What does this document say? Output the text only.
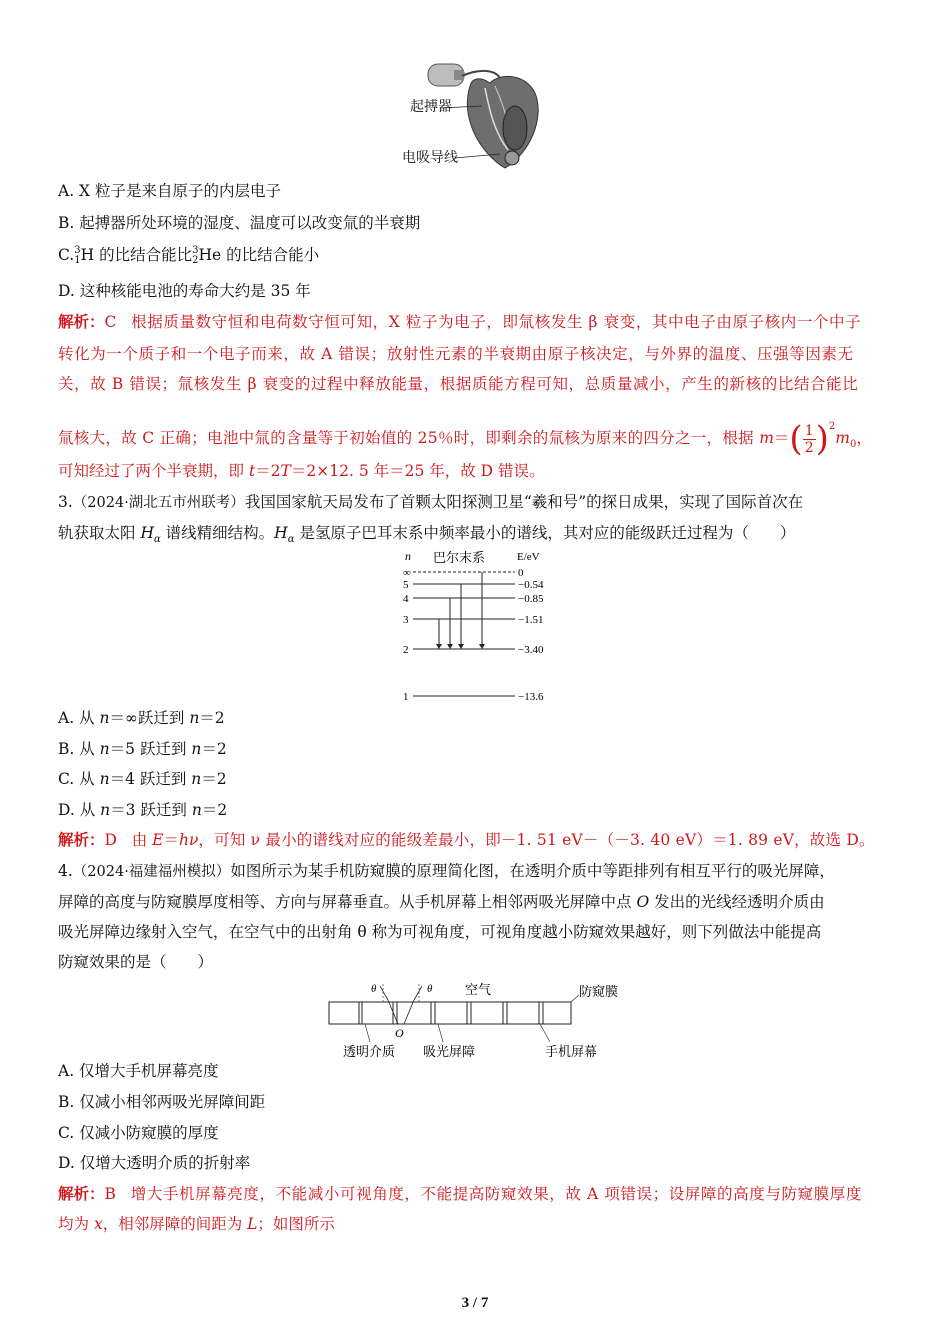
起搏器
电吸导线
A. X 粒子是来自原子的内层电子
B. 起搏器所处环境的湿度、温度可以改变氚的半衰期
C.3
1H 的比结合能比3
2He 的比结合能小
D. 这种核能电池的寿命大约是 35 年
解析：C 根据质量数守恒和电荷数守恒可知，X 粒子为电子，即氚核发生 β 衰变，其中电子由原子核内一个中子
转化为一个质子和一个电子而来，故 A 错误；放射性元素的半衰期由原子核决定，与外界的温度、压强等因素无
关，故 B 错误；氚核发生 β 衰变的过程中释放能量，根据质能方程可知，总质量减小，产生的新核的比结合能比
氚核大，故 C 正确；电池中氚的含量等于初始值的 25％时，即剩余的氚核为原来的四分之一，根据 $m=( \frac{1}{2} )^2m_0$，
可知经过了两个半衰期，即 t＝2T＝2×12. 5 年＝25 年，故 D 错误。
3.（2024·湖北五市州联考）我国国家航天局发布了首颗太阳探测卫星“羲和号”的探日成果，实现了国际首次在
轨获取太阳 $H_\alpha$ 谱线精细结构。$H_\alpha$ 是氢原子巴耳末系中频率最小的谱线，其对应的能级跃迁过程为（　　）
n 巴尔末系	E/eV
∞	0
5	−0.54
4	−0.85
3	−1.51
2	−3.40
1	−13.6
A. 从 n＝∞跃迁到 n＝2
B. 从 n＝5 跃迁到 n＝2
C. 从 n＝4 跃迁到 n＝2
D. 从 n＝3 跃迁到 n＝2
解析：D 由 E＝hν，可知 ν 最小的谱线对应的能级差最小，即－1. 51 eV－（－3. 40 eV）＝1. 89 eV，故选 D。
4.（2024·福建福州模拟）如图所示为某手机防窥膜的原理简化图，在透明介质中等距排列有相互平行的吸光屏障，
屏障的高度与防窥膜厚度相等、方向与屏幕垂直。从手机屏幕上相邻两吸光屏障中点 O 发出的光线经透明介质由
吸光屏障边缘射入空气，在空气中的出射角 θ 称为可视角度，可视角度越小防窥效果越好，则下列做法中能提高
防窥效果的是（　　）
θ	θ
O
空气	防窥膜
透明介质 吸光屏障	手机屏幕
A. 仅增大手机屏幕亮度
B. 仅减小相邻两吸光屏障间距
C. 仅减小防窥膜的厚度
D. 仅增大透明介质的折射率
解析：B 增大手机屏幕亮度，不能减小可视角度，不能提高防窥效果，故 A 项错误；设屏障的高度与防窥膜厚度
均为 x，相邻屏障的间距为 L；如图所示
3 / 7
